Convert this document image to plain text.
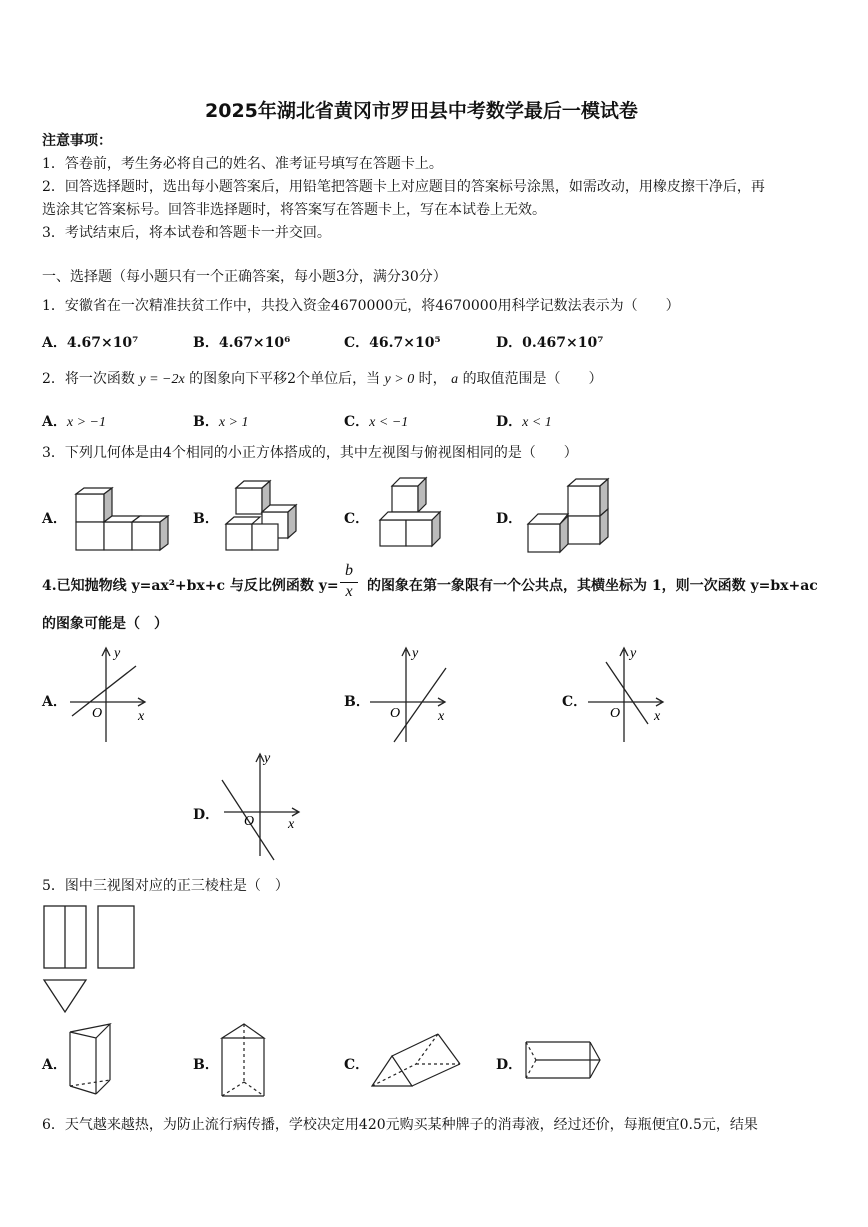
2025年湖北省黄冈市罗田县中考数学最后一模试卷
注意事项：
1．答卷前，考生务必将自己的姓名、准考证号填写在答题卡上。
2．回答选择题时，选出每小题答案后，用铅笔把答题卡上对应题目的答案标号涂黑，如需改动，用橡皮擦干净后，再
选涂其它答案标号。回答非选择题时，将答案写在答题卡上，写在本试卷上无效。
3．考试结束后，将本试卷和答题卡一并交回。
一、选择题（每小题只有一个正确答案，每小题3分，满分30分）
1．安徽省在一次精准扶贫工作中，共投入资金4670000元，将4670000用科学记数法表示为（　　）
A．4.67×10⁷	B．4.67×10⁶	C．46.7×10⁵	D．0.467×10⁷
2．将一次函数 y = −2x 的图象向下平移2个单位后，当 y > 0 时， a 的取值范围是（　　）
A．x > −1	B．x > 1	C．x < −1	D．x < 1
3．下列几何体是由4个相同的小正方体搭成的，其中左视图与俯视图相同的是（　　）
A．	B．	C．	D．
4.已知抛物线 y=ax²+bx+c 与反比例函数 $y= \frac{b}{x}$ 的图象在第一象限有一个公共点，其横坐标为 1，则一次函数 y=bx+ac
的图象可能是（　）
A．	B．	C．
D．
y
x
O
y
x
O
y
x
O
y
x
O
5．图中三视图对应的正三棱柱是（　）
A．	B．	C．	D．
6．天气越来越热，为防止流行病传播，学校决定用420元购买某种牌子的消毒液，经过还价，每瓶便宜0.5元，结果
